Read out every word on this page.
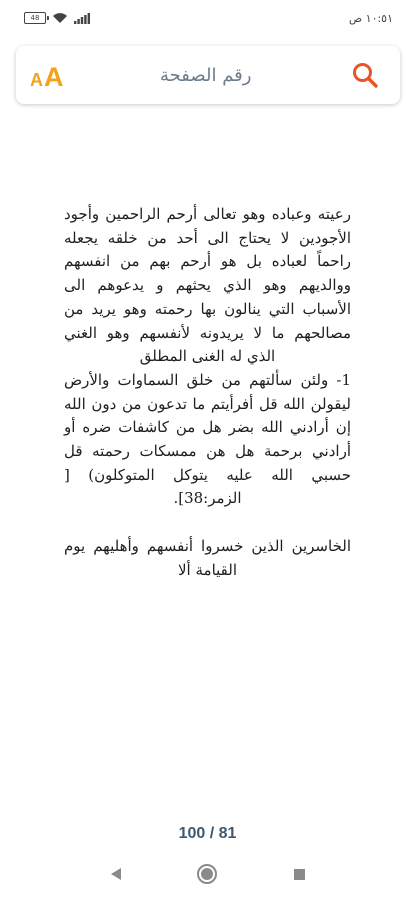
48	١٠:٥١ ص
A A
رقم الصفحة

رعيته وعباده وهو تعالى أرحم الراحمين وأجود الأجودين لا يحتاج الى أحد من خلقه يجعله راحماً لعباده بل هو أرحم بهم من انفسهم ووالديهم وهو الذي يحثهم و يدعوهم الى الأسباب التي ينالون بها رحمته وهو يريد من مصالحهم ما لا يريدونه لأنفسهم وهو الغني الذي له الغنى المطلق

1- ولئن سألتهم من خلق السماوات والأرض ليقولن الله قل أفرأيتم ما تدعون من دون الله إن أرادني الله بضر هل من كاشفات ضره أو أرادني برحمة هل هن ممسكات رحمته قل حسبي الله عليه يتوكل المتوكلون) [ الزمر:38].

الخاسرين الذين خسروا أنفسهم وأهليهم يوم القيامة ألا

100 / 81
